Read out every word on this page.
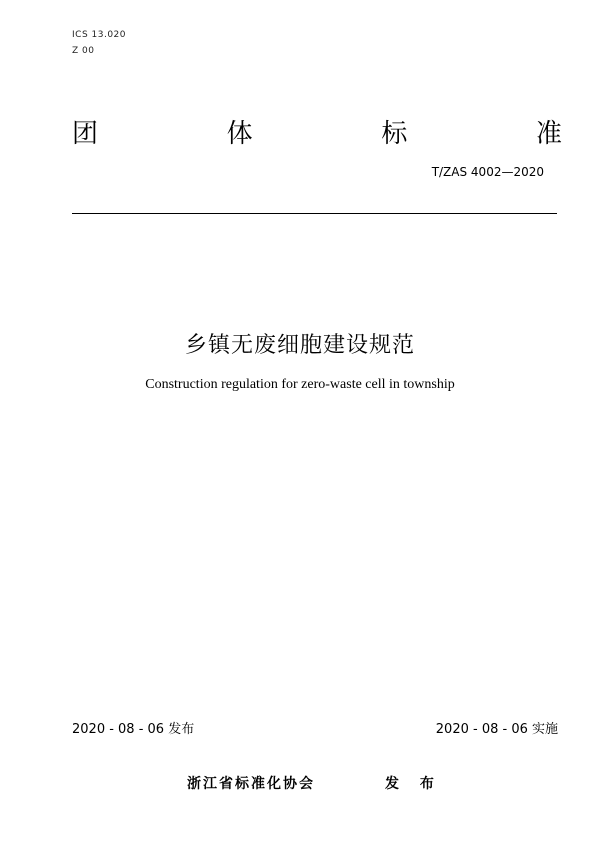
ICS 13.020
Z 00
团	体	标	准
T/ZAS 4002—2020
乡镇无废细胞建设规范
Construction regulation for zero-waste cell in township
2020 - 08 - 06 发布	2020 - 08 - 06 实施
浙江省标准化协会	发 布
